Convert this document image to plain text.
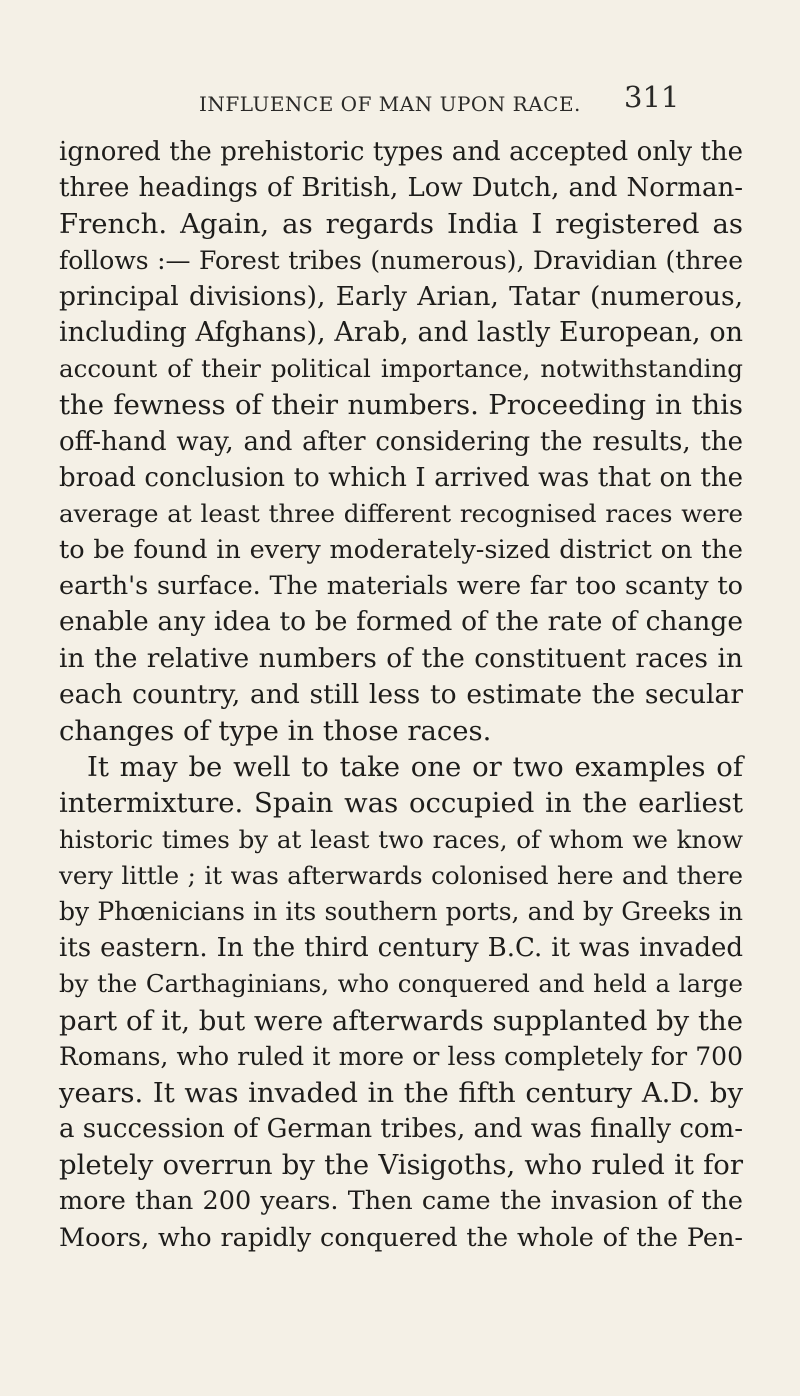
INFLUENCE OF MAN UPON RACE. 311
ignored the prehistoric types and accepted only the
three headings of British, Low Dutch, and Norman-
French. Again, as regards India I registered as
follows :— Forest tribes (numerous), Dravidian (three
principal divisions), Early Arian, Tatar (numerous,
including Afghans), Arab, and lastly European, on
account of their political importance, notwithstanding
the fewness of their numbers. Proceeding in this
off-hand way, and after considering the results, the
broad conclusion to which I arrived was that on the
average at least three different recognised races were
to be found in every moderately-sized district on the
earth's surface. The materials were far too scanty to
enable any idea to be formed of the rate of change
in the relative numbers of the constituent races in
each country, and still less to estimate the secular
changes of type in those races.
It may be well to take one or two examples of
intermixture. Spain was occupied in the earliest
historic times by at least two races, of whom we know
very little ; it was afterwards colonised here and there
by Phœnicians in its southern ports, and by Greeks in
its eastern. In the third century B.C. it was invaded
by the Carthaginians, who conquered and held a large
part of it, but were afterwards supplanted by the
Romans, who ruled it more or less completely for 700
years. It was invaded in the fifth century A.D. by
a succession of German tribes, and was finally com-
pletely overrun by the Visigoths, who ruled it for
more than 200 years. Then came the invasion of the
Moors, who rapidly conquered the whole of the Pen-
